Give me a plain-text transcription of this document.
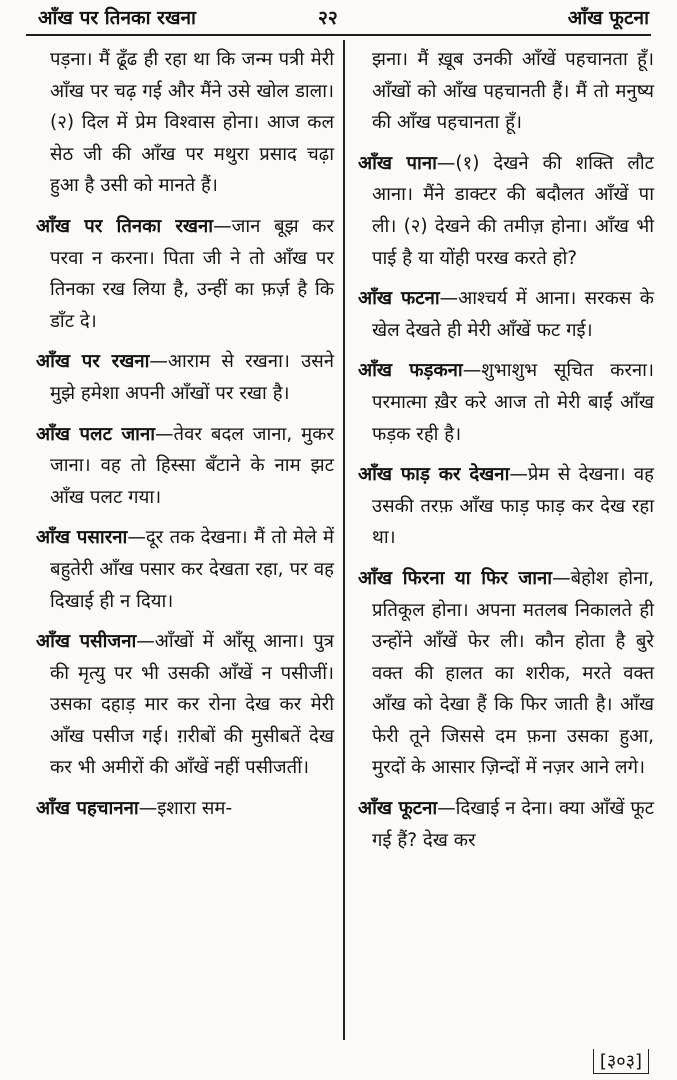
आँख पर तिनका रखना	२२	आँख फूटना

पड़ना। मैं ढूँढ ही रहा था कि जन्म पत्री मेरी आँख पर चढ़ गई और मैंने उसे खोल डाला। (२) दिल में प्रेम विश्वास होना। आज कल सेठ जी की आँख पर मथुरा प्रसाद चढ़ा हुआ है उसी को मानते हैं।

आँख पर तिनका रखना—जान बूझ कर परवा न करना। पिता जी ने तो आँख पर तिनका रख लिया है, उन्हीं का फ़र्ज़ है कि डाँट दे।

आँख पर रखना—आराम से रखना। उसने मुझे हमेशा अपनी आँखों पर रखा है।

आँख पलट जाना—तेवर बदल जाना, मुकर जाना। वह तो हिस्सा बँटाने के नाम झट आँख पलट गया।

आँख पसारना—दूर तक देखना। मैं तो मेले में बहुतेरी आँख पसार कर देखता रहा, पर वह दिखाई ही न दिया।

आँख पसीजना—आँखों में आँसू आना। पुत्र की मृत्यु पर भी उसकी आँखें न पसीजीं। उसका दहाड़ मार कर रोना देख कर मेरी आँख पसीज गई। ग़रीबों की मुसीबतें देख कर भी अमीरों की आँखें नहीं पसीजतीं।

आँख पहचानना—इशारा सम-

झना। मैं ख़ूब उनकी आँखें पहचानता हूँ। आँखों को आँख पहचानती हैं। मैं तो मनुष्य की आँख पहचानता हूँ।

आँख पाना—(१) देखने की शक्ति लौट आना। मैंने डाक्टर की बदौलत आँखें पा ली। (२) देखने की तमीज़ होना। आँख भी पाई है या योंही परख करते हो?

आँख फटना—आश्चर्य में आना। सरकस के खेल देखते ही मेरी आँखें फट गई।

आँख फड़कना—शुभाशुभ सूचित करना। परमात्मा ख़ैर करे आज तो मेरी बाईं आँख फड़क रही है।

आँख फाड़ कर देखना—प्रेम से देखना। वह उसकी तरफ़ आँख फाड़ फाड़ कर देख रहा था।

आँख फिरना या फिर जाना—बेहोश होना, प्रतिकूल होना। अपना मतलब निकालते ही उन्होंने आँखें फेर ली। कौन होता है बुरे वक्त की हालत का शरीक, मरते वक्त आँख को देखा हैं कि फिर जाती है। आँख फेरी तूने जिससे दम फ़ना उसका हुआ, मुरदों के आसार ज़िन्दों में नज़र आने लगे।

आँख फूटना—दिखाई न देना। क्या आँखें फूट गई हैं? देख कर

[३०३]
